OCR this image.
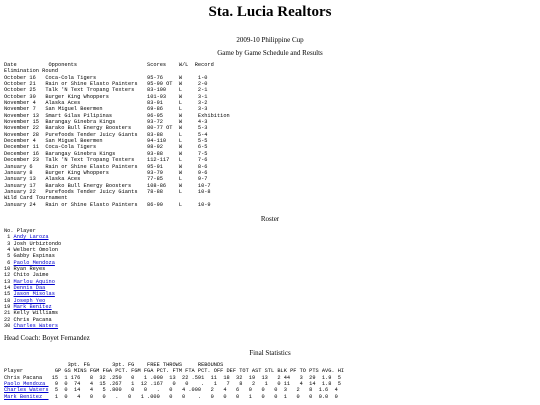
Sta. Lucia Realtors
2009-10 Philippine Cup
Game by Game Schedule and Results
Date          Opponents                      Scores    W/L  Record
Elimination Round
October 16   Coca-Cola Tigers                95-76     W     1-0
October 21   Rain or Shine Elasto Painters   95-90 OT  W     2-0
October 25   Talk 'N Text Tropang Texters    83-100    L     2-1
October 30   Burger King Whoppers            101-93    W     3-1
November 4   Alaska Aces                     83-91     L     3-2
November 7   San Miguel Beermen              69-86     L     3-3
November 13  Smart Gilas Pilipinas           96-95     W     Exhibition
November 15  Barangay Ginebra Kings          93-72     W     4-3
November 22  Barako Bull Energy Boosters     80-77 OT  W     5-3
November 28  Purefoods Tender Juicy Giants   83-88     L     5-4
December 4   San Miguel Beermen              94-110    L     5-5
December 11  Coca-Cola Tigers                98-92     W     6-5
December 16  Barangay Ginebra Kings          93-88     W     7-5
December 23  Talk 'N Text Tropang Texters    112-117   L     7-6
January 6    Rain or Shine Elasto Painters   95-91     W     8-6
January 8    Burger King Whoppers            93-79     W     9-6
January 13   Alaska Aces                     77-85     L     9-7
January 17   Barako Bull Energy Boosters     108-86    W     10-7
January 22   Purefoods Tender Juicy Giants   78-88     L     10-8
Wild Card Tournament
January 24   Rain or Shine Elasto Painters   86-90     L     10-9
Roster
No. Player
1 Andy Laroza
3 Josh Urbiztondo
4 Welbert Omolon
5 Gabby Espinas
6 Paolo Mendoza
10 Ryan Reyes
12 Chito Jaime
13 Marlou Aquino
14 Dennis Daa
15 Jason Misolas
18 Joseph Yeo
19 Mark Benitez
21 Kelly Williams
22 Chris Pacana
30 Charles Waters
Head Coach: Boyet Fernandez
Final Statistics
3pt. FG       3pt. FG    FREE THROWS     REBOUNDS
Player          GP GS MINS FGM FGA PCT. FGM FGA PCT. FTM FTA PCT. OFF DEF TOT AST STL BLK PF TO PTS AVG. HI
Chris Pacana   15  1 176   8  32 .250   0   1 .000  13  22 .591  11  18  32  19  13   2 44   3  29  1.9  5
Paolo Mendoza   9  0  74   4  15 .267   1  12 .167   0   0    .   1   7   8   2   1   0 11   4  14  1.8  5
Charles Waters  5  0  14   4   5 .800   0   0   .   0   4 .000   2   4   6   0   0   0  3   2   8  1.6  4
Mark Benitez    1  0   4   0   0   .   0   1 .000   0   0    .   0   0   0   1   0   0  1   0   0  0.0  0
